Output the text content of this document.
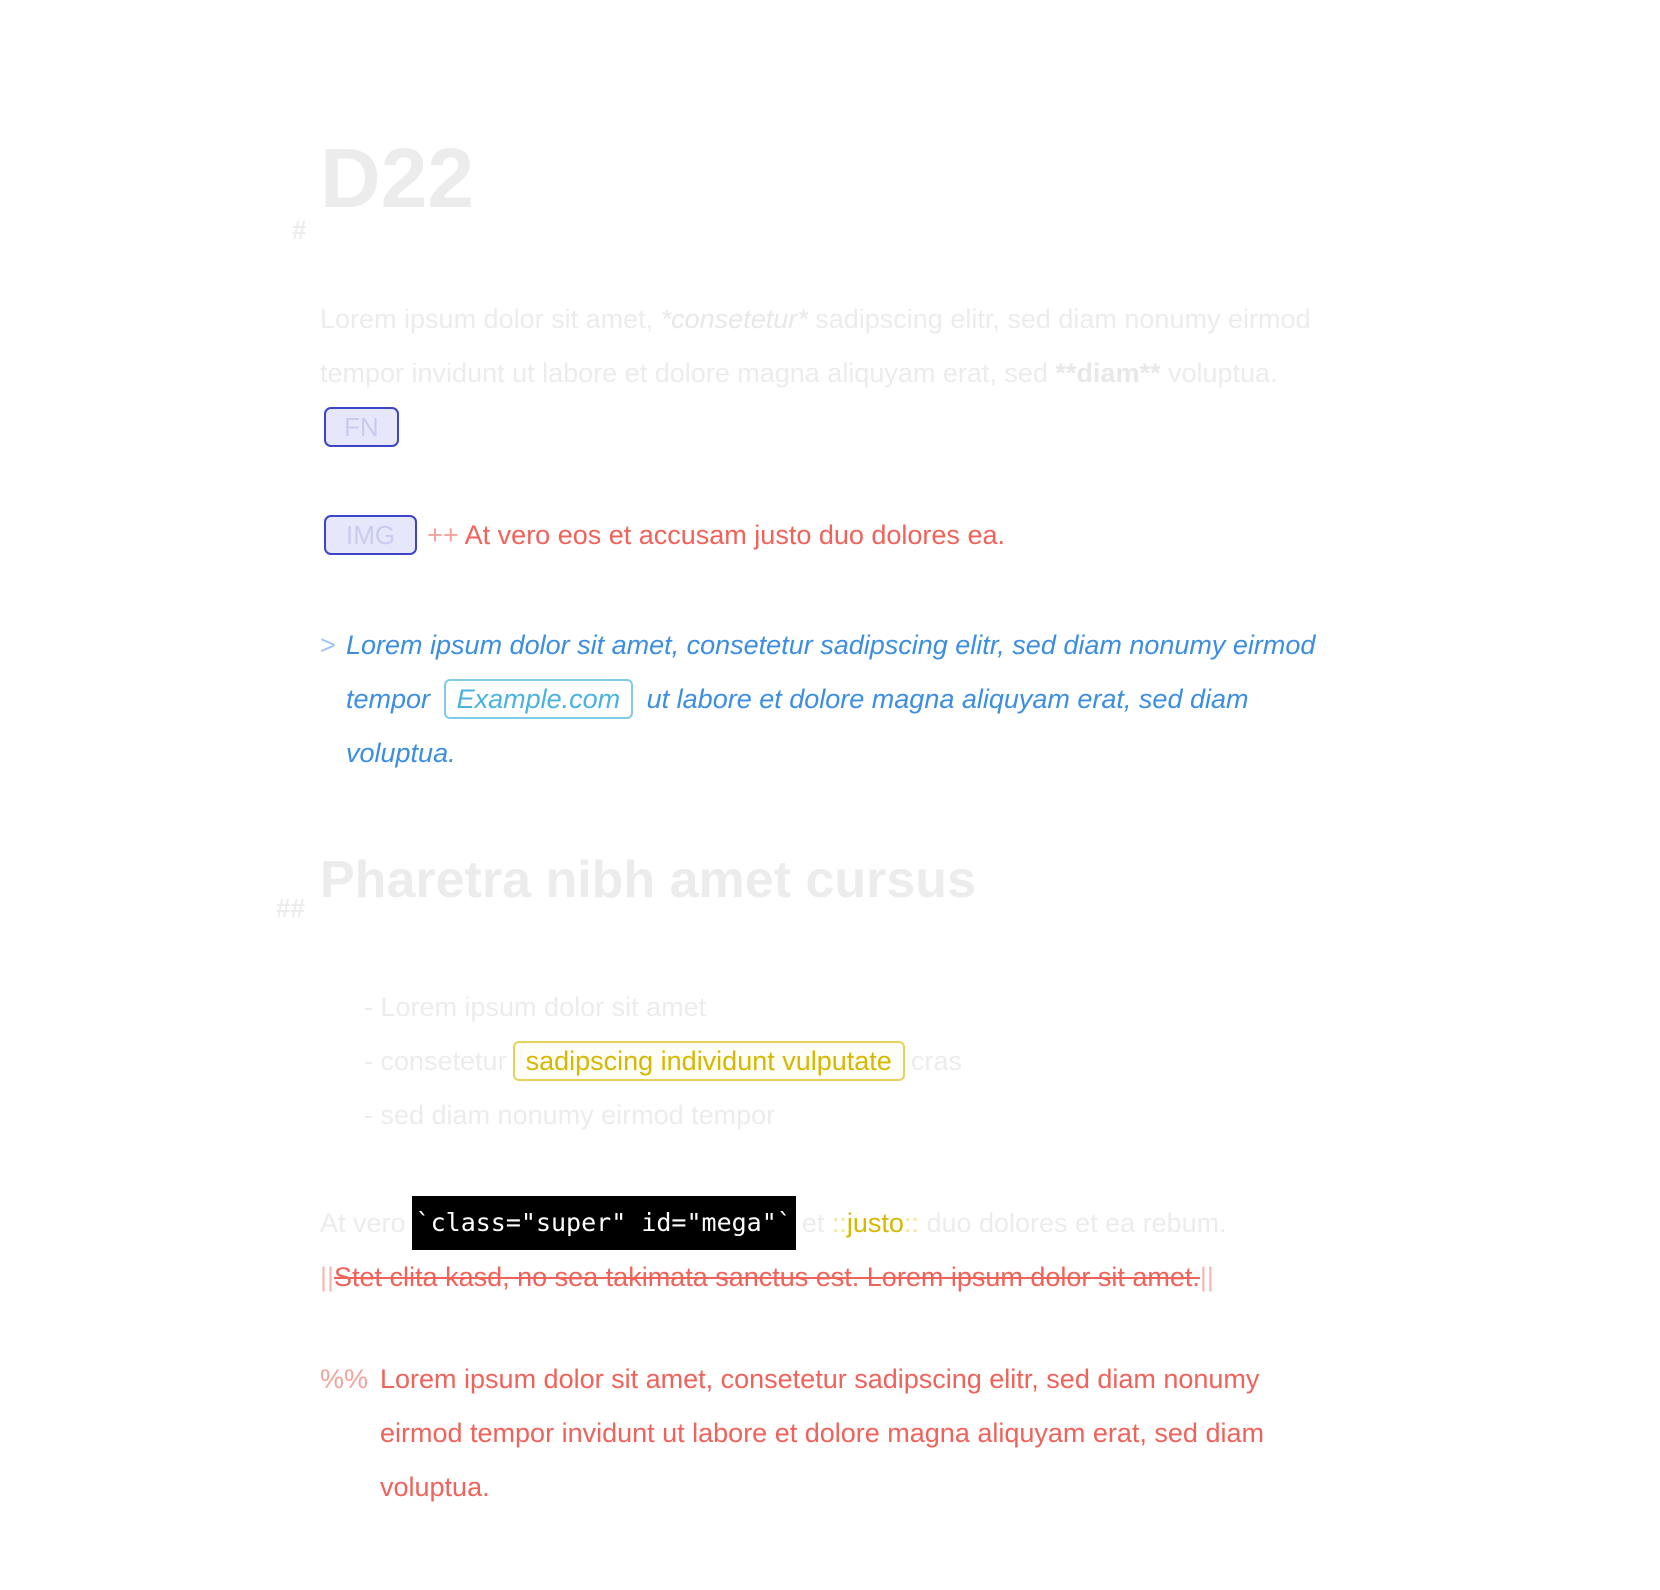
#
D22
Lorem ipsum dolor sit amet, *consetetur* sadipscing elitr, sed diam nonumy eirmod tempor invidunt ut labore et dolore magna aliquyam erat, sed **diam** voluptua.FN
IMG ++ At vero eos et accusam justo duo dolores ea.
> Lorem ipsum dolor sit amet, consetetur sadipscing elitr, sed diam nonumy eirmod tempor Example.com ut labore et dolore magna aliquyam erat, sed diam voluptua.
## Pharetra nibh amet cursus
- Lorem ipsum dolor sit amet
- consetetur sadipscing individunt vulputate cras
- sed diam nonumy eirmod tempor
At vero `class="super" id="mega"` et ::justo:: duo dolores et ea rebum.
||Stet clita kasd, no sea takimata sanctus est. Lorem ipsum dolor sit amet.||
%% Lorem ipsum dolor sit amet, consetetur sadipscing elitr, sed diam nonumy eirmod tempor invidunt ut labore et dolore magna aliquyam erat, sed diam voluptua.
